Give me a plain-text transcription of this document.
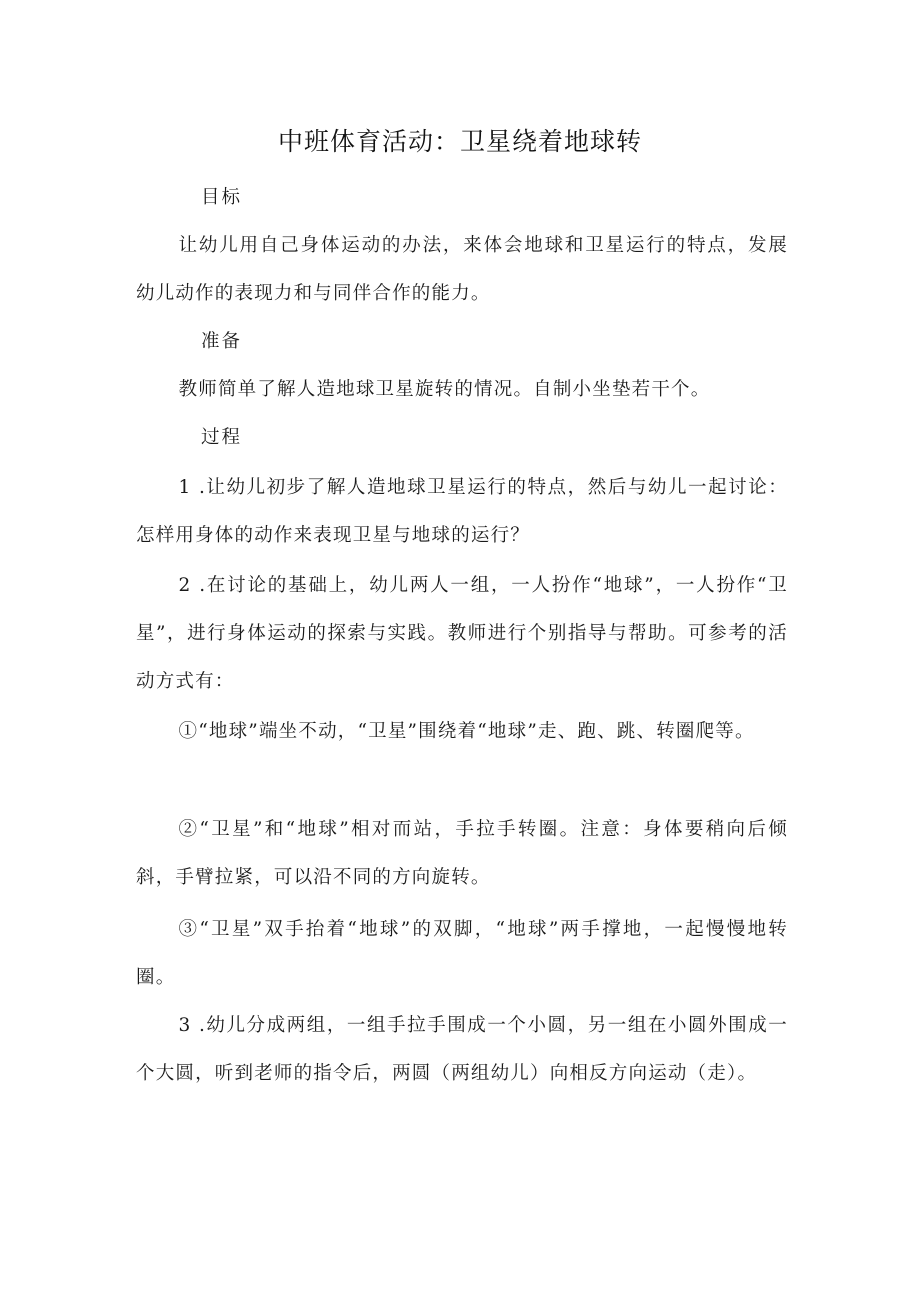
中班体育活动：卫星绕着地球转

目标

让幼儿用自己身体运动的办法，来体会地球和卫星运行的特点，发展幼儿动作的表现力和与同伴合作的能力。

准备

教师简单了解人造地球卫星旋转的情况。自制小坐垫若干个。

过程

1 .让幼儿初步了解人造地球卫星运行的特点，然后与幼儿一起讨论：怎样用身体的动作来表现卫星与地球的运行？

2 .在讨论的基础上，幼儿两人一组，一人扮作“地球”，一人扮作“卫星”，进行身体运动的探索与实践。教师进行个别指导与帮助。可参考的活动方式有：

①“地球”端坐不动，“卫星”围绕着“地球”走、跑、跳、转圈爬等。

②“卫星”和“地球”相对而站，手拉手转圈。注意：身体要稍向后倾斜，手臂拉紧，可以沿不同的方向旋转。

③“卫星”双手抬着“地球”的双脚，“地球”两手撑地，一起慢慢地转圈。

3 .幼儿分成两组，一组手拉手围成一个小圆，另一组在小圆外围成一个大圆，听到老师的指令后，两圆（两组幼儿）向相反方向运动（走）。
